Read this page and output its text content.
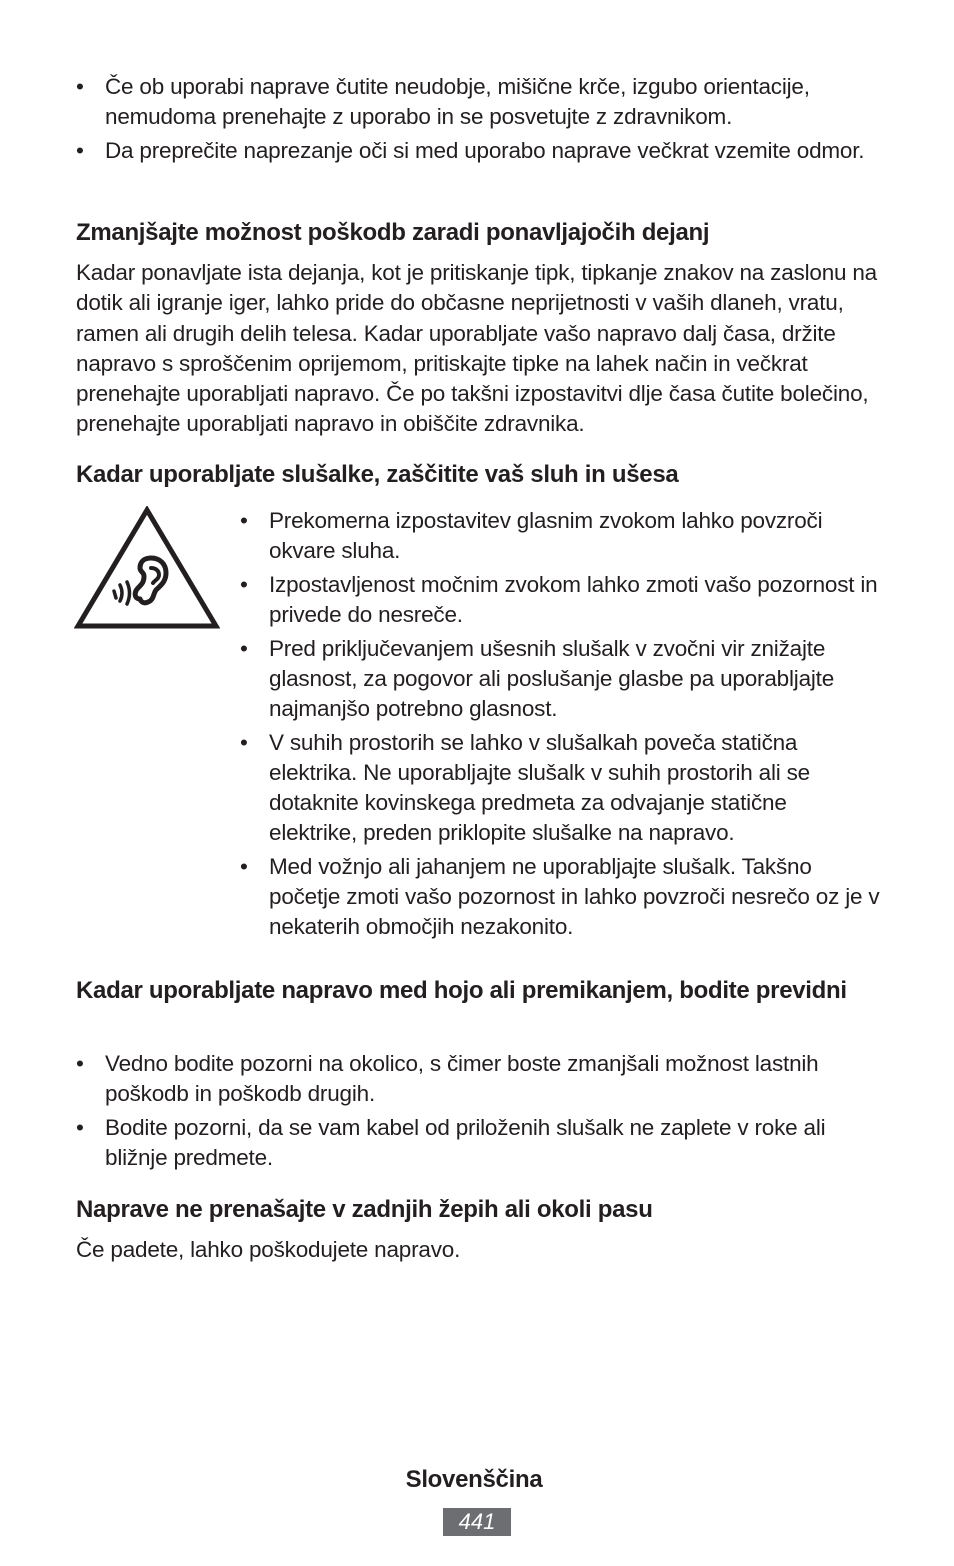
• Če ob uporabi naprave čutite neudobje, mišične krče, izgubo orientacije, nemudoma prenehajte z uporabo in se posvetujte z zdravnikom.
• Da preprečite naprezanje oči si med uporabo naprave večkrat vzemite odmor.
Zmanjšajte možnost poškodb zaradi ponavljajočih dejanj

Kadar ponavljate ista dejanja, kot je pritiskanje tipk, tipkanje znakov na zaslonu na dotik ali igranje iger, lahko pride do občasne neprijetnosti v vaših dlaneh, vratu, ramen ali drugih delih telesa. Kadar uporabljate vašo napravo dalj časa, držite napravo s sproščenim oprijemom, pritiskajte tipke na lahek način in večkrat prenehajte uporabljati napravo. Če po takšni izpostavitvi dlje časa čutite bolečino, prenehajte uporabljati napravo in obiščite zdravnika.

Kadar uporabljate slušalke, zaščitite vaš sluh in ušesa
• Prekomerna izpostavitev glasnim zvokom lahko povzroči okvare sluha.
• Izpostavljenost močnim zvokom lahko zmoti vašo pozornost in privede do nesreče.
• Pred priključevanjem ušesnih slušalk v zvočni vir znižajte glasnost, za pogovor ali poslušanje glasbe pa uporabljajte najmanjšo potrebno glasnost.
• V suhih prostorih se lahko v slušalkah poveča statična elektrika. Ne uporabljajte slušalk v suhih prostorih ali se dotaknite kovinskega predmeta za odvajanje statične elektrike, preden priklopite slušalke na napravo.
• Med vožnjo ali jahanjem ne uporabljajte slušalk. Takšno početje zmoti vašo pozornost in lahko povzroči nesrečo oz je v nekaterih območjih nezakonito.
Kadar uporabljate napravo med hojo ali premikanjem, bodite previdni
• Vedno bodite pozorni na okolico, s čimer boste zmanjšali možnost lastnih poškodb in poškodb drugih.
• Bodite pozorni, da se vam kabel od priloženih slušalk ne zaplete v roke ali bližnje predmete.
Naprave ne prenašajte v zadnjih žepih ali okoli pasu

Če padete, lahko poškodujete napravo.

Slovenščina
441
